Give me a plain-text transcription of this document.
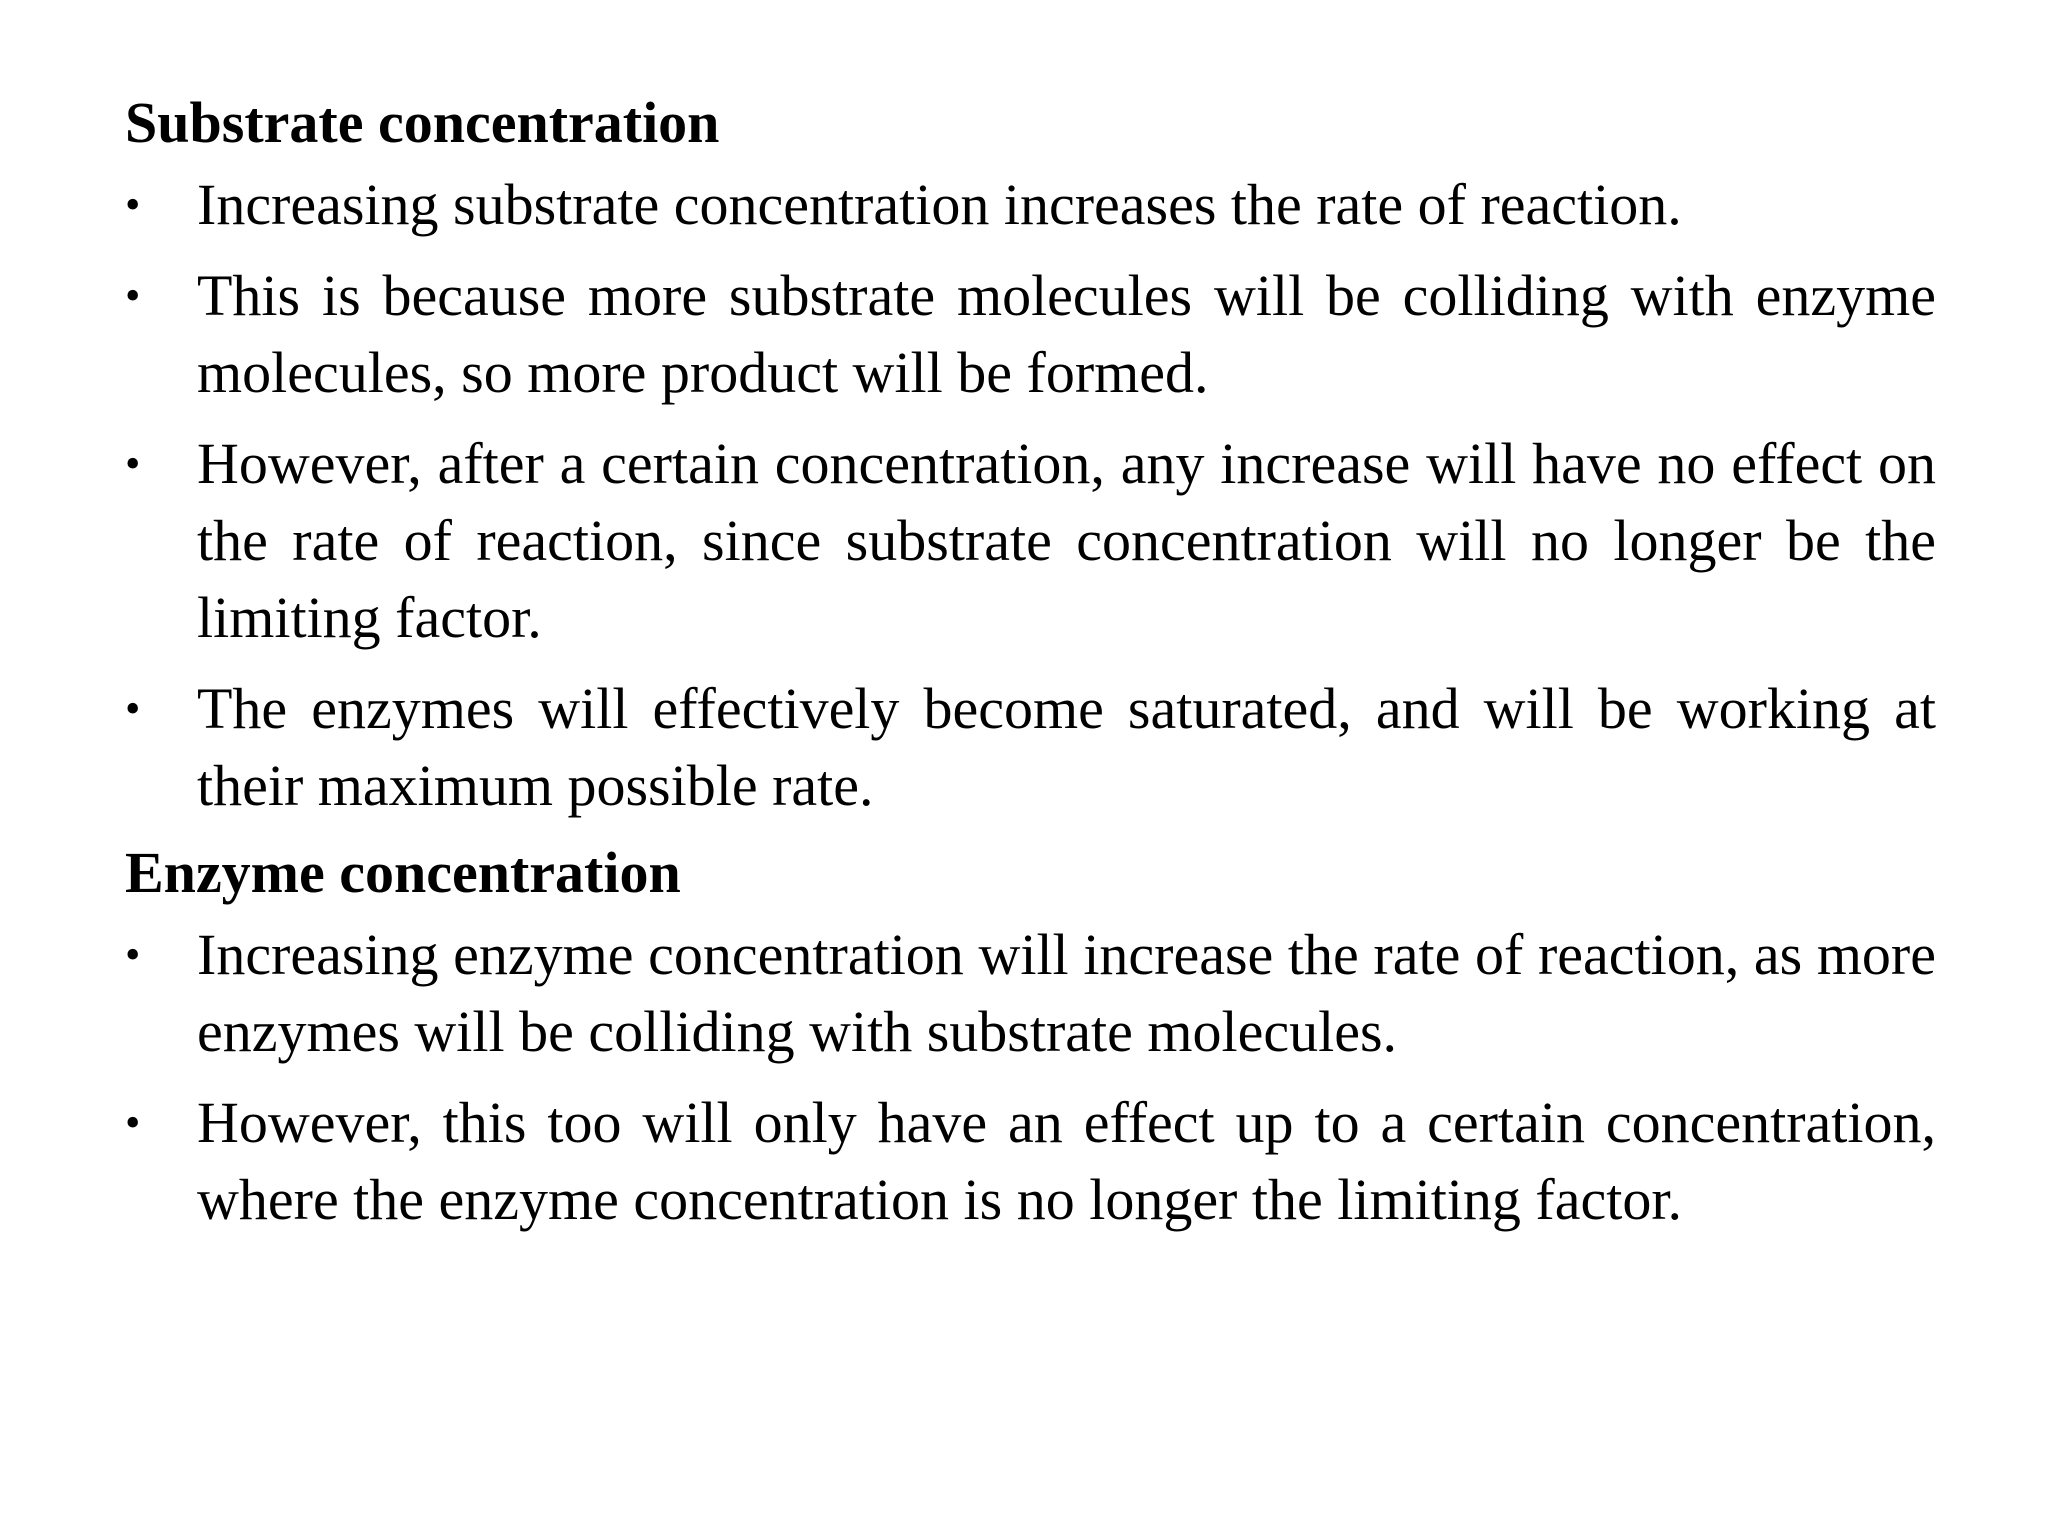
Substrate concentration
• Increasing substrate concentration increases the rate of reaction.
• This is because more substrate molecules will be colliding with enzyme molecules, so more product will be formed.
• However, after a certain concentration, any increase will have no effect on the rate of reaction, since substrate concentration will no longer be the limiting factor.
• The enzymes will effectively become saturated, and will be working at their maximum possible rate.
Enzyme concentration
• Increasing enzyme concentration will increase the rate of reaction, as more enzymes will be colliding with substrate molecules.
• However, this too will only have an effect up to a certain concentration, where the enzyme concentration is no longer the limiting factor.
